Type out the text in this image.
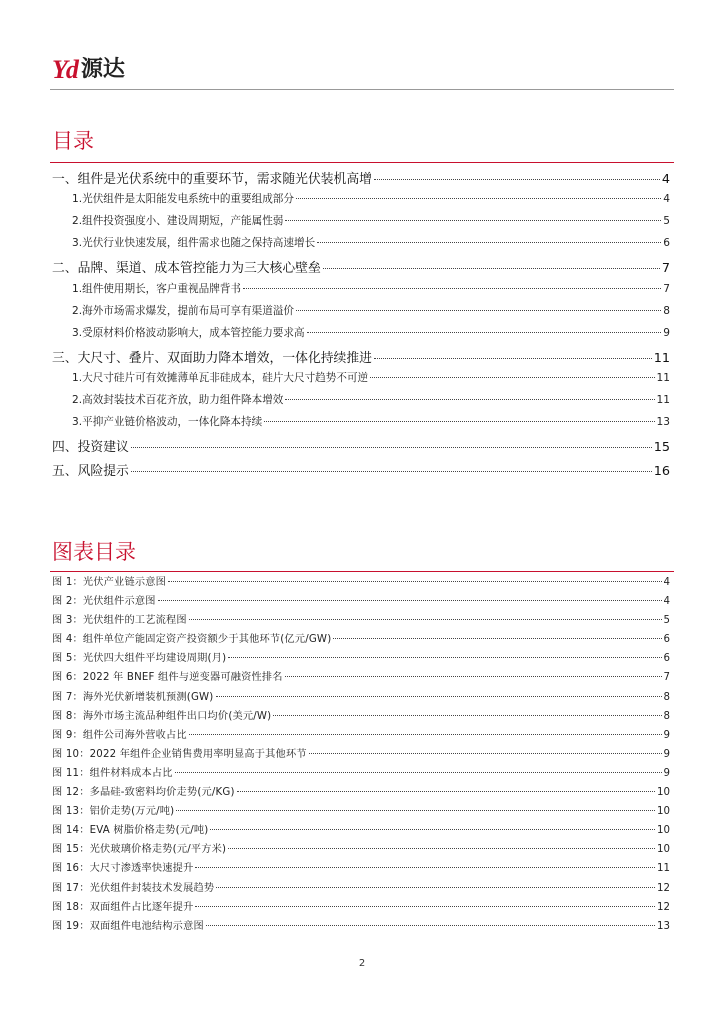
Yd 源达
目录
一、组件是光伏系统中的重要环节，需求随光伏装机高增	4
1.光伏组件是太阳能发电系统中的重要组成部分	4
2.组件投资强度小、建设周期短，产能属性弱	5
3.光伏行业快速发展，组件需求也随之保持高速增长	6
二、品牌、渠道、成本管控能力为三大核心壁垒	7
1.组件使用期长，客户重视品牌背书	7
2.海外市场需求爆发，提前布局可享有渠道溢价	8
3.受原材料价格波动影响大，成本管控能力要求高	9
三、大尺寸、叠片、双面助力降本增效，一体化持续推进	11
1.大尺寸硅片可有效摊薄单瓦非硅成本，硅片大尺寸趋势不可逆	11
2.高效封装技术百花齐放，助力组件降本增效	11
3.平抑产业链价格波动，一体化降本持续	13
四、投资建议	15
五、风险提示	16
图表目录
图 1：光伏产业链示意图	4
图 2：光伏组件示意图	4
图 3：光伏组件的工艺流程图	5
图 4：组件单位产能固定资产投资额少于其他环节(亿元/GW)	6
图 5：光伏四大组件平均建设周期(月)	6
图 6：2022 年 BNEF 组件与逆变器可融资性排名	7
图 7：海外光伏新增装机预测(GW)	8
图 8：海外市场主流品种组件出口均价(美元/W)	8
图 9：组件公司海外营收占比	9
图 10：2022 年组件企业销售费用率明显高于其他环节	9
图 11：组件材料成本占比	9
图 12：多晶硅-致密料均价走势(元/KG)	10
图 13：铝价走势(万元/吨)	10
图 14：EVA 树脂价格走势(元/吨)	10
图 15：光伏玻璃价格走势(元/平方米)	10
图 16：大尺寸渗透率快速提升	11
图 17：光伏组件封装技术发展趋势	12
图 18：双面组件占比逐年提升	12
图 19：双面组件电池结构示意图	13
2
